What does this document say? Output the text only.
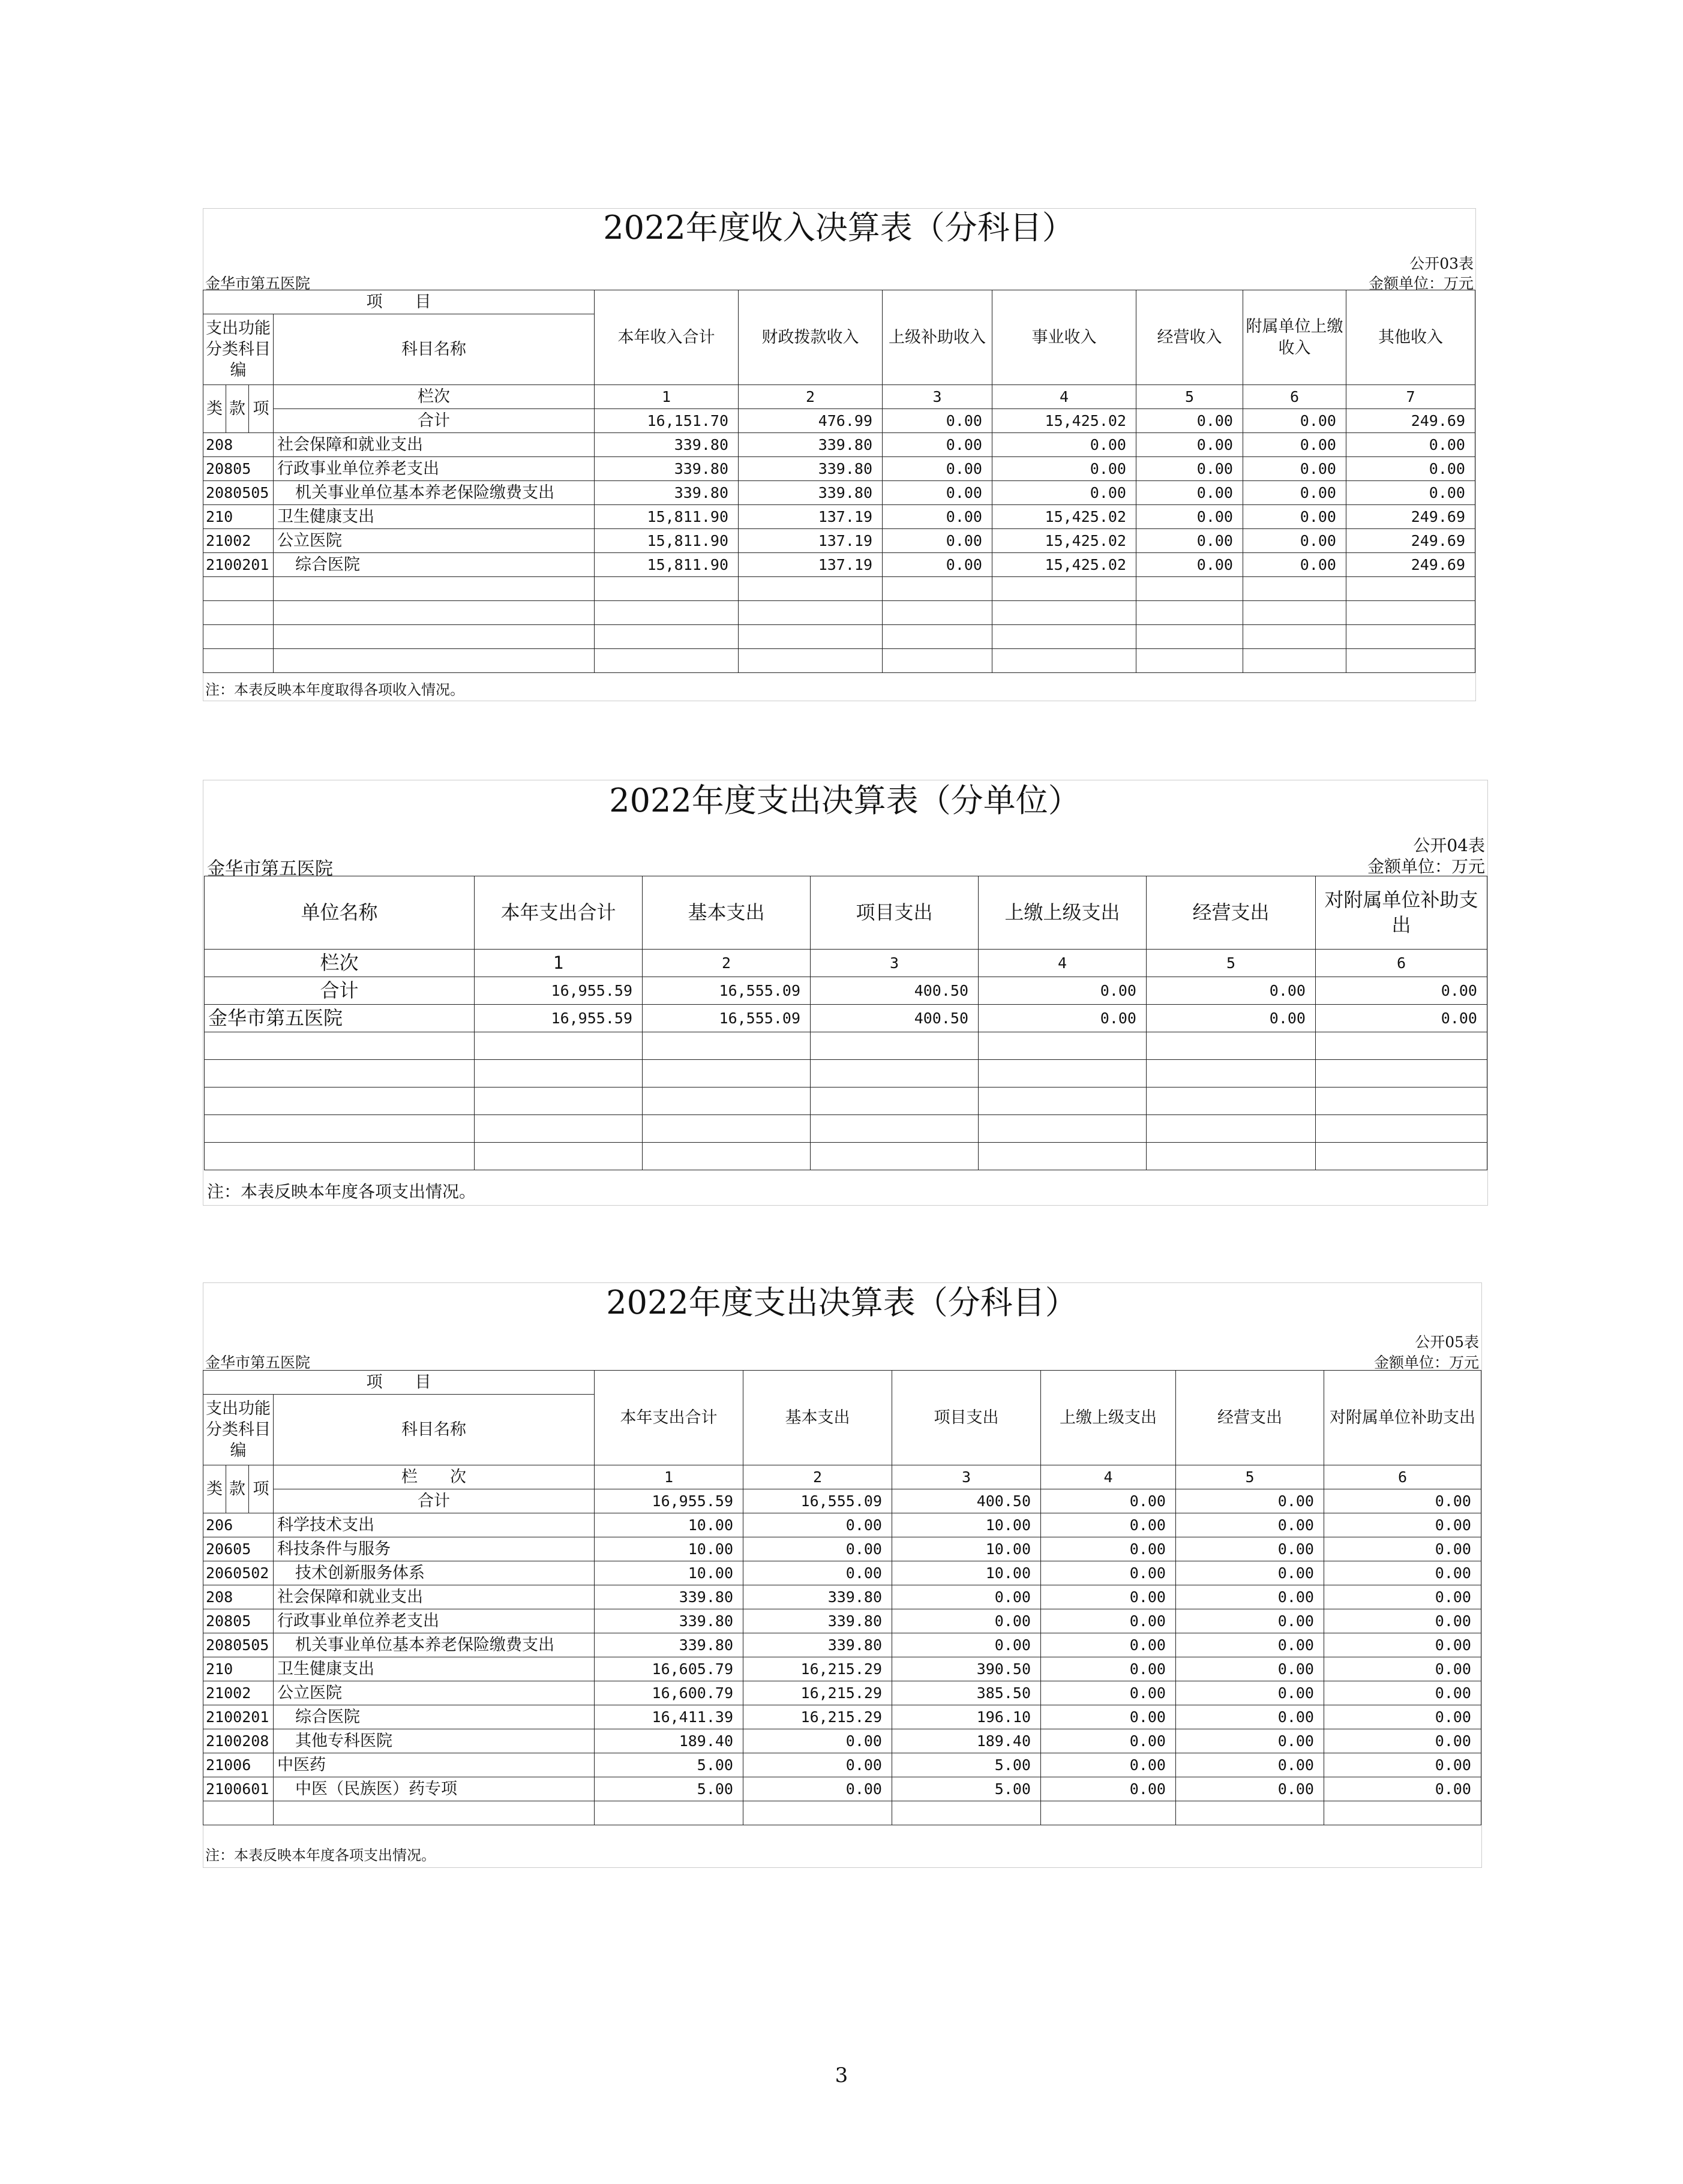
2022年度收入决算表（分科目）
公开03表
金华市第五医院	金额单位：万元
项　　目				本年收入合计	财政拨款收入	上级补助收入	事业收入	经营收入	附属单位上缴收入	其他收入
支出功能分类科目编			科目名称							
类	款	项	栏次	1	2	3	4	5	6	7
			合计	16,151.70	476.99	0.00	15,425.02	0.00	0.00	249.69
208			社会保障和就业支出	339.80	339.80	0.00	0.00	0.00	0.00	0.00
20805			行政事业单位养老支出	339.80	339.80	0.00	0.00	0.00	0.00	0.00
2080505			机关事业单位基本养老保险缴费支出	339.80	339.80	0.00	0.00	0.00	0.00	0.00
210			卫生健康支出	15,811.90	137.19	0.00	15,425.02	0.00	0.00	249.69
21002			公立医院	15,811.90	137.19	0.00	15,425.02	0.00	0.00	249.69
2100201			综合医院	15,811.90	137.19	0.00	15,425.02	0.00	0.00	249.69

注：本表反映本年度取得各项收入情况。
2022年度支出决算表（分单位）
公开04表
金华市第五医院	金额单位：万元
单位名称	本年支出合计	基本支出	项目支出	上缴上级支出	经营支出	对附属单位补助支出
栏次	1	2	3	4	5	6
合计	16,955.59	16,555.09	400.50	0.00	0.00	0.00
金华市第五医院	16,955.59	16,555.09	400.50	0.00	0.00	0.00

注：本表反映本年度各项支出情况。
2022年度支出决算表（分科目）
公开05表
金华市第五医院	金额单位：万元
项　　目				本年支出合计	基本支出	项目支出	上缴上级支出	经营支出	对附属单位补助支出
支出功能分类科目编			科目名称						
类	款	项	栏　　次	1	2	3	4	5	6
			合计	16,955.59	16,555.09	400.50	0.00	0.00	0.00
206			科学技术支出	10.00	0.00	10.00	0.00	0.00	0.00
20605			科技条件与服务	10.00	0.00	10.00	0.00	0.00	0.00
2060502			技术创新服务体系	10.00	0.00	10.00	0.00	0.00	0.00
208			社会保障和就业支出	339.80	339.80	0.00	0.00	0.00	0.00
20805			行政事业单位养老支出	339.80	339.80	0.00	0.00	0.00	0.00
2080505			机关事业单位基本养老保险缴费支出	339.80	339.80	0.00	0.00	0.00	0.00
210			卫生健康支出	16,605.79	16,215.29	390.50	0.00	0.00	0.00
21002			公立医院	16,600.79	16,215.29	385.50	0.00	0.00	0.00
2100201			综合医院	16,411.39	16,215.29	196.10	0.00	0.00	0.00
2100208			其他专科医院	189.40	0.00	189.40	0.00	0.00	0.00
21006			中医药	5.00	0.00	5.00	0.00	0.00	0.00
2100601			中医（民族医）药专项	5.00	0.00	5.00	0.00	0.00	0.00

注：本表反映本年度各项支出情况。
3
